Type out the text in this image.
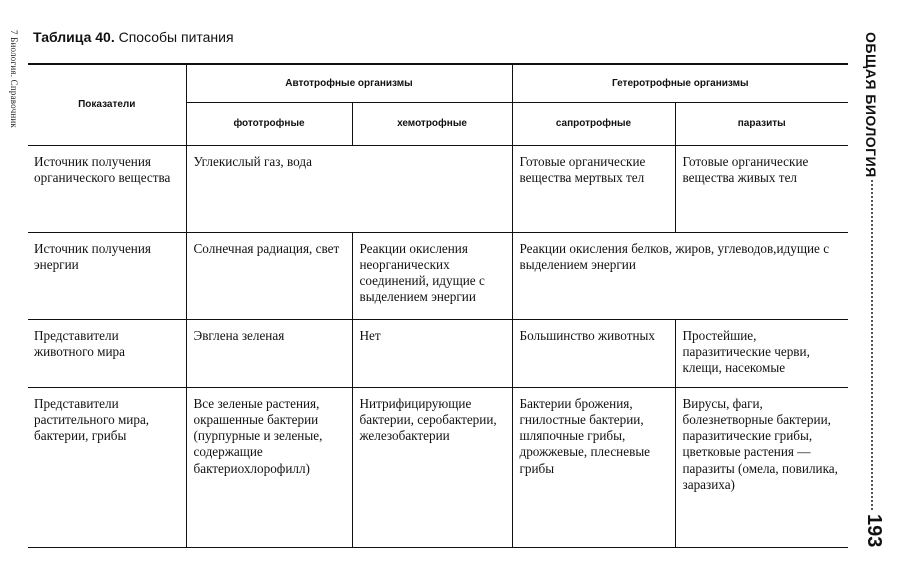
7 Биология. Справочник Таблица 40. Способы питания	ОБЩАЯ БИОЛОГИЯ
193
Показатели	Автотрофные организмы		Гетеротрофные организмы	
	фототрофные	хемотрофные	сапротрофные	паразиты
Источник получения органического вещества	Углекислый газ, вода		Готовые органические вещества мертвых тел	Готовые органические вещества живых тел
Источник получения энергии	Солнечная радиация, свет	Реакции окисления неорганических соединений, идущие с выделением энергии	Реакции окисления белков, жиров, углеводов,идущие с выделением энергии	
Представители животного мира	Эвглена зеленая	Нет	Большинство животных	Простейшие, паразитические черви, клещи, насекомые
Представители растительного мира, бактерии, грибы	Все зеленые растения, окрашенные бактерии (пурпурные и зеленые, содержащие бактериохлорофилл)	Нитрифицирующие бактерии, серобактерии, железобактерии	Бактерии брожения, гнилостные бактерии, шляпочные грибы, дрожжевые, плесневые грибы	Вирусы, фаги, болезнетворные бактерии, паразитические грибы, цветковые растения — паразиты (омела, повилика, заразиха)
